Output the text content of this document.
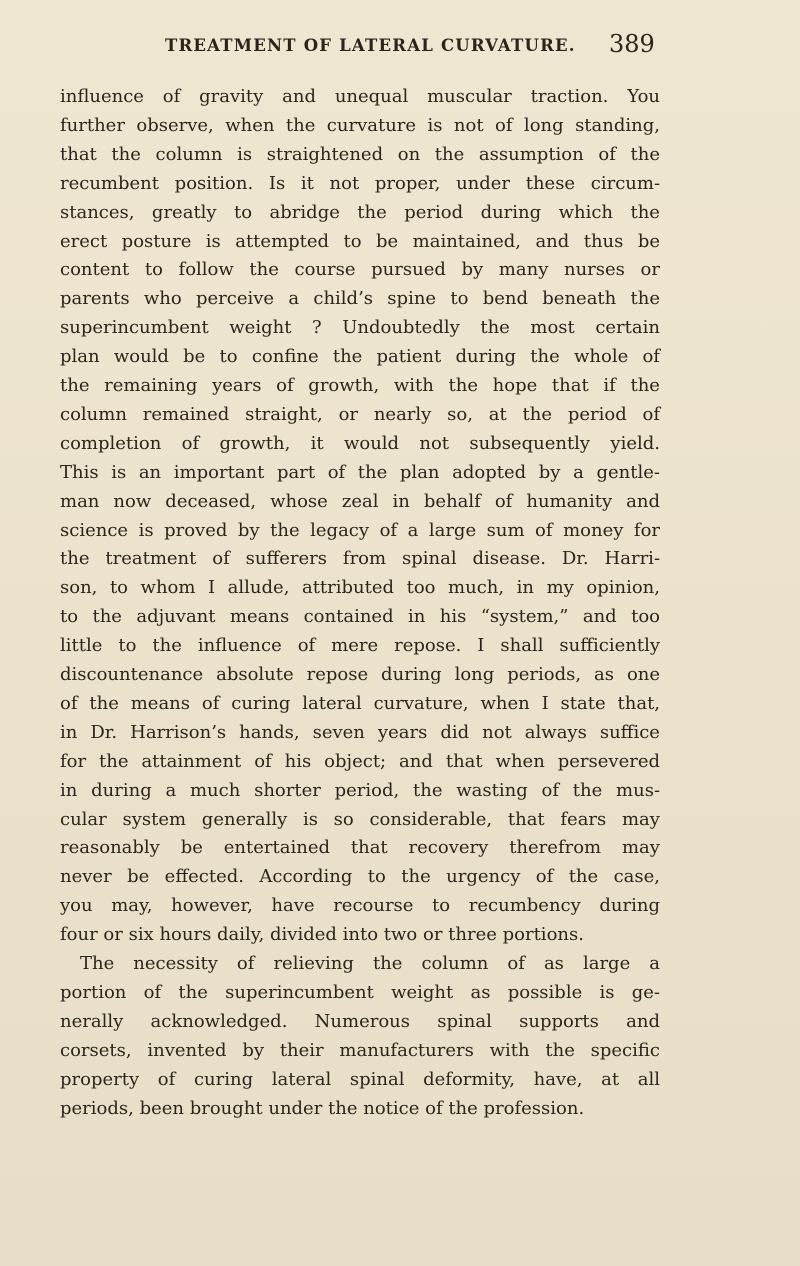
TREATMENT OF LATERAL CURVATURE. 389
influence of gravity and unequal muscular traction. You
further observe, when the curvature is not of long standing,
that the column is straightened on the assumption of the
recumbent position. Is it not proper, under these circum-
stances, greatly to abridge the period during which the
erect posture is attempted to be maintained, and thus be
content to follow the course pursued by many nurses or
parents who perceive a child’s spine to bend beneath the
superincumbent weight ? Undoubtedly the most certain
plan would be to confine the patient during the whole of
the remaining years of growth, with the hope that if the
column remained straight, or nearly so, at the period of
completion of growth, it would not subsequently yield.
This is an important part of the plan adopted by a gentle-
man now deceased, whose zeal in behalf of humanity and
science is proved by the legacy of a large sum of money for
the treatment of sufferers from spinal disease. Dr. Harri-
son, to whom I allude, attributed too much, in my opinion,
to the adjuvant means contained in his “system,” and too
little to the influence of mere repose. I shall sufficiently
discountenance absolute repose during long periods, as one
of the means of curing lateral curvature, when I state that,
in Dr. Harrison’s hands, seven years did not always suffice
for the attainment of his object; and that when persevered
in during a much shorter period, the wasting of the mus-
cular system generally is so considerable, that fears may
reasonably be entertained that recovery therefrom may
never be effected. According to the urgency of the case,
you may, however, have recourse to recumbency during
four or six hours daily, divided into two or three portions.
The necessity of relieving the column of as large a
portion of the superincumbent weight as possible is ge-
nerally acknowledged. Numerous spinal supports and
corsets, invented by their manufacturers with the specific
property of curing lateral spinal deformity, have, at all
periods, been brought under the notice of the profession.
